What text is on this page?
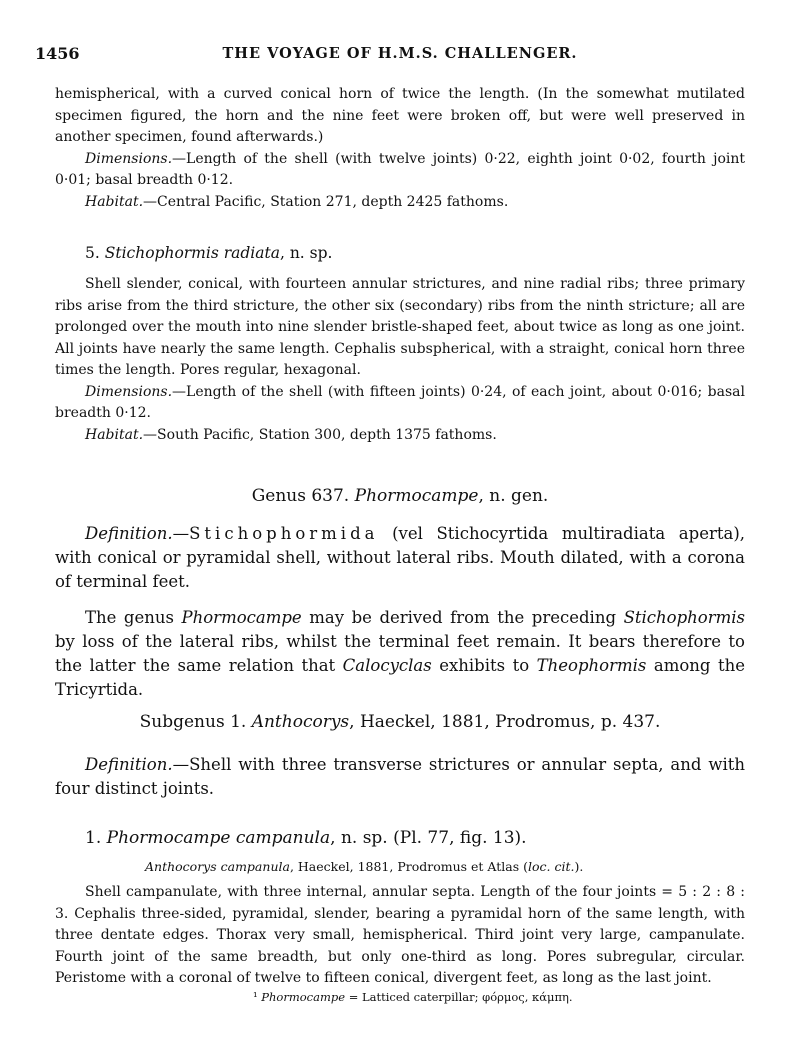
1456	THE VOYAGE OF H.M.S. CHALLENGER.

hemispherical, with a curved conical horn of twice the length. (In the somewhat mutilated specimen figured, the horn and the nine feet were broken off, but were well preserved in another specimen, found afterwards.)

Dimensions.—Length of the shell (with twelve joints) 0·22, eighth joint 0·02, fourth joint 0·01; basal breadth 0·12.

Habitat.—Central Pacific, Station 271, depth 2425 fathoms.

5. Stichophormis radiata, n. sp.

Shell slender, conical, with fourteen annular strictures, and nine radial ribs; three primary ribs arise from the third stricture, the other six (secondary) ribs from the ninth stricture; all are prolonged over the mouth into nine slender bristle-shaped feet, about twice as long as one joint. All joints have nearly the same length. Cephalis subspherical, with a straight, conical horn three times the length. Pores regular, hexagonal.

Dimensions.—Length of the shell (with fifteen joints) 0·24, of each joint, about 0·016; basal breadth 0·12.

Habitat.—South Pacific, Station 300, depth 1375 fathoms.

Genus 637. Phormocampe, n. gen.

Definition.—Stichophormida (vel Stichocyrtida multiradiata aperta), with conical or pyramidal shell, without lateral ribs. Mouth dilated, with a corona of terminal feet.

The genus Phormocampe may be derived from the preceding Stichophormis by loss of the lateral ribs, whilst the terminal feet remain. It bears therefore to the latter the same relation that Calocyclas exhibits to Theophormis among the Tricyrtida.

Subgenus 1. Anthocorys, Haeckel, 1881, Prodromus, p. 437.

Definition.—Shell with three transverse strictures or annular septa, and with four distinct joints.

1. Phormocampe campanula, n. sp. (Pl. 77, fig. 13).
Anthocorys campanula, Haeckel, 1881, Prodromus et Atlas (loc. cit.).

Shell campanulate, with three internal, annular septa. Length of the four joints = 5 : 2 : 8 : 3. Cephalis three-sided, pyramidal, slender, bearing a pyramidal horn of the same length, with three dentate edges. Thorax very small, hemispherical. Third joint very large, campanulate. Fourth joint of the same breadth, but only one-third as long. Pores subregular, circular. Peristome with a coronal of twelve to fifteen conical, divergent feet, as long as the last joint.

¹ Phormocampe = Latticed caterpillar; φόρμος, κάμπη.
